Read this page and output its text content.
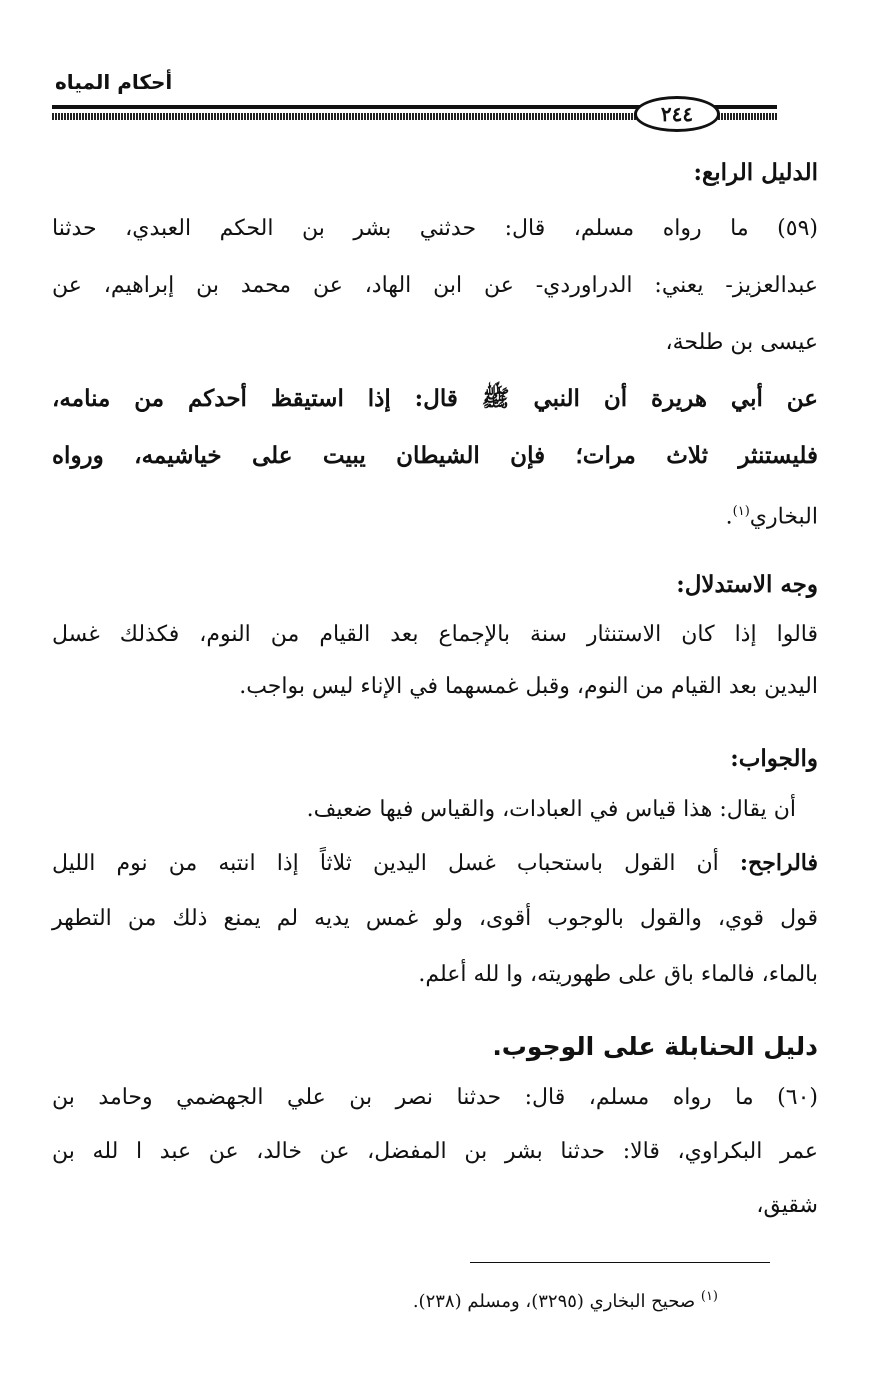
أحكام المياه
٢٤٤
الدليل الرابع:
(٥٩) ما رواه مسلم، قال: حدثني بشر بن الحكم العبدي، حدثنا
عبدالعزيز- يعني: الدراوردي- عن ابن الهاد، عن محمد بن إبراهيم، عن
عيسى بن طلحة،
عن أبي هريرة أن النبي ﷺ قال: إذا استيقظ أحدكم من منامه،
فليستنثر ثلاث مرات؛ فإن الشيطان يبيت على خياشيمه، ورواه
البخاري$^{(١)}$.
وجه الاستدلال:
قالوا إذا كان الاستنثار سنة بالإجماع بعد القيام من النوم، فكذلك غسل
اليدين بعد القيام من النوم، وقبل غمسهما في الإناء ليس بواجب.
والجواب:
أن يقال: هذا قياس في العبادات، والقياس فيها ضعيف.
فالراجح: أن القول باستحباب غسل اليدين ثلاثاً إذا انتبه من نوم الليل
قول قوي، والقول بالوجوب أقوى، ولو غمس يديه لم يمنع ذلك من التطهر
بالماء، فالماء باق على طهوريته، وا لله أعلم.
دليل الحنابلة على الوجوب.
(٦٠) ما رواه مسلم، قال: حدثنا نصر بن علي الجهضمي وحامد بن
عمر البكراوي، قالا: حدثنا بشر بن المفضل، عن خالد، عن عبد ا لله بن
شقيق،
$^{(١)}$ صحيح البخاري (٣٢٩٥)، ومسلم (٢٣٨).
